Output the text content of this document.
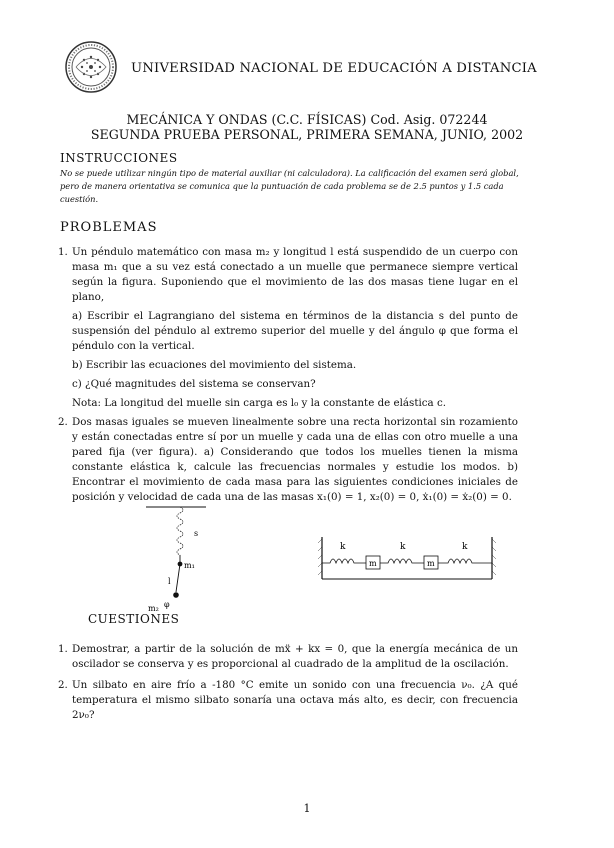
UNIVERSIDAD NACIONAL DE EDUCACIÓN A DISTANCIA
MECÁNICA Y ONDAS (C.C. FÍSICAS) Cod. Asig. 072244
SEGUNDA PRUEBA PERSONAL, PRIMERA SEMANA, JUNIO, 2002
INSTRUCCIONES
No se puede utilizar ningún tipo de material auxiliar (ni calculadora). La calificación del examen será global, pero de manera orientativa se comunica que la puntuación de cada problema se de 2.5 puntos y 1.5 cada cuestión.
PROBLEMAS
1. Un péndulo matemático con masa m₂ y longitud l está suspendido de un cuerpo con masa m₁ que a su vez está conectado a un muelle que permanece siempre vertical según la figura. Suponiendo que el movimiento de las dos masas tiene lugar en el plano,
a) Escribir el Lagrangiano del sistema en términos de la distancia s del punto de suspensión del péndulo al extremo superior del muelle y del ángulo φ que forma el péndulo con la vertical.
b) Escribir las ecuaciones del movimiento del sistema.
c) ¿Qué magnitudes del sistema se conservan?
Nota: La longitud del muelle sin carga es l₀ y la constante de elástica c.
2. Dos masas iguales se mueven linealmente sobre una recta horizontal sin rozamiento y están conectadas entre sí por un muelle y cada una de ellas con otro muelle a una pared fija (ver figura). a) Considerando que todos los muelles tienen la misma constante elástica k, calcule las frecuencias normales y estudie los modos. b) Encontrar el movimiento de cada masa para las siguientes condiciones iniciales de posición y velocidad de cada una de las masas x₁(0) = 1, x₂(0) = 0, ẋ₁(0) = ẋ₂(0) = 0.
s
m₁
l
m₂ φ
k	k	k
m	m
CUESTIONES
1. Demostrar, a partir de la solución de mẍ + kx = 0, que la energía mecánica de un oscilador se conserva y es proporcional al cuadrado de la amplitud de la oscilación.
2. Un silbato en aire frío a -180 °C emite un sonido con una frecuencia ν₀. ¿A qué temperatura el mismo silbato sonaría una octava más alto, es decir, con frecuencia 2ν₀?
1
